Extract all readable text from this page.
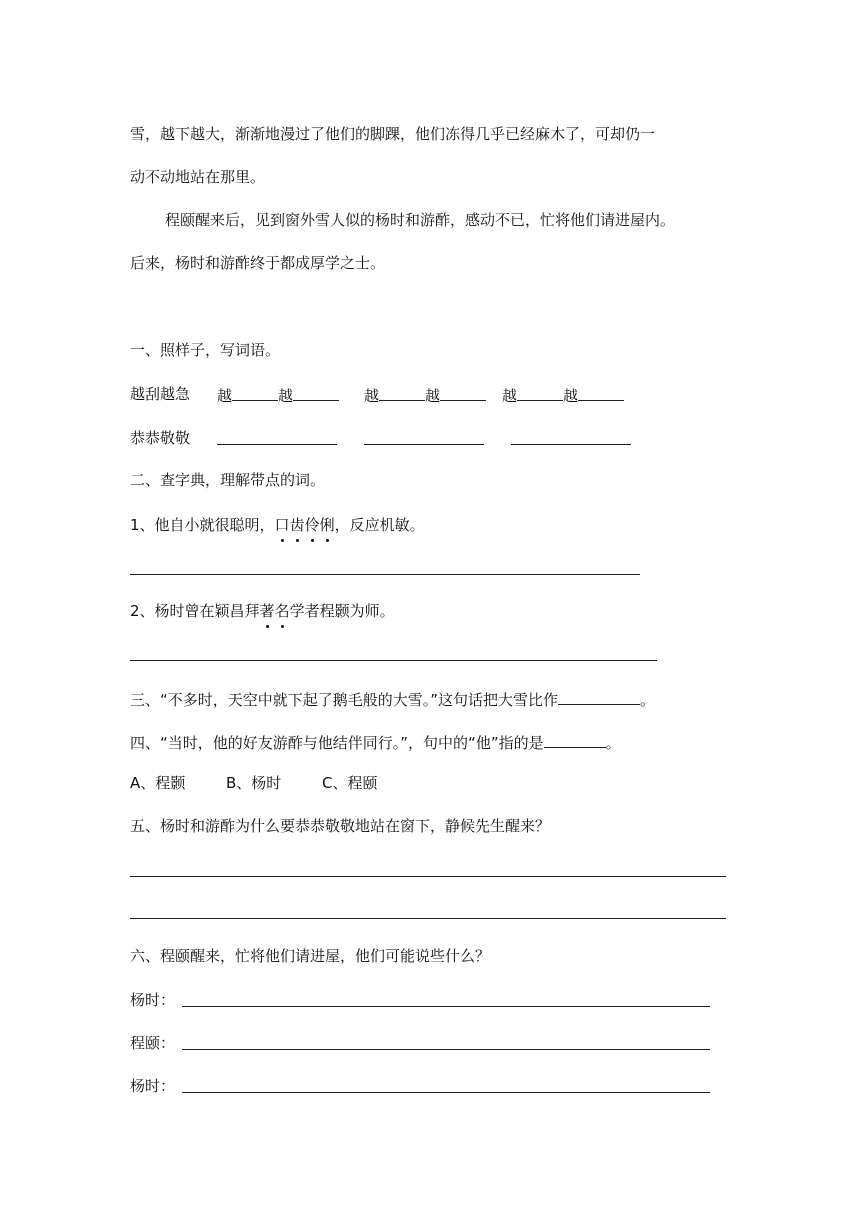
雪，越下越大，渐渐地漫过了他们的脚踝，他们冻得几乎已经麻木了，可却仍一
动不动地站在那里。
程颐醒来后，见到窗外雪人似的杨时和游酢，感动不已，忙将他们请进屋内。
后来，杨时和游酢终于都成厚学之士。
一、照样子，写词语。
越刮越急 越	越	越	越	越	越
恭恭敬敬
二、查字典，理解带点的词。
1、他自小就很聪明，口齿伶俐，反应机敏。
2、杨时曾在颖昌拜著名学者程颢为师。
三、“不多时，天空中就下起了鹅毛般的大雪。”这句话把大雪比作	。
四、“当时，他的好友游酢与他结伴同行。”，句中的“他”指的是	。
A、程颢	B、杨时	C、程颐
五、杨时和游酢为什么要恭恭敬敬地站在窗下，静候先生醒来？
六、程颐醒来，忙将他们请进屋，他们可能说些什么？
杨时：
程颐：
杨时：
